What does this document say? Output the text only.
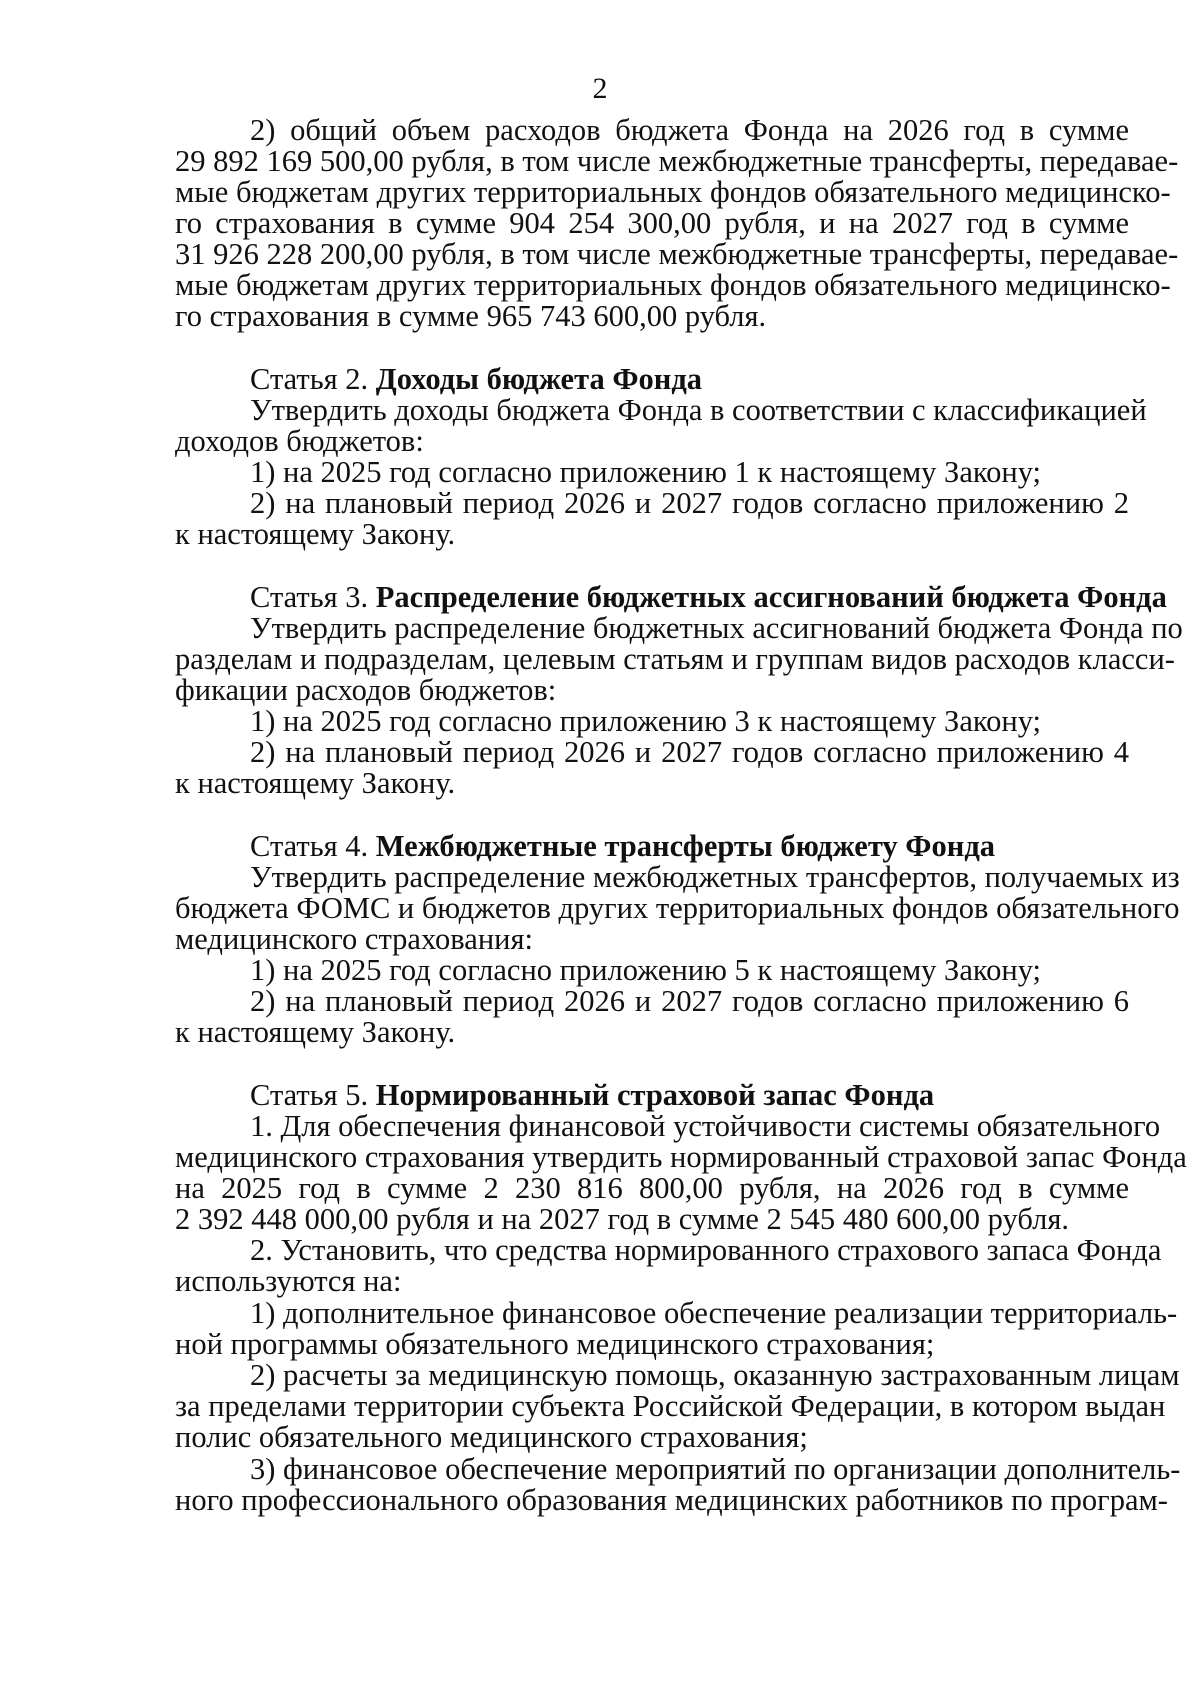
2
2) общий объем расходов бюджета Фонда на 2026 год в сумме
29 892 169 500,00 рубля, в том числе межбюджетные трансферты, передавае-
мые бюджетам других территориальных фондов обязательного медицинско-
го страхования в сумме 904 254 300,00 рубля, и на 2027 год в сумме
31 926 228 200,00 рубля, в том числе межбюджетные трансферты, передавае-
мые бюджетам других территориальных фондов обязательного медицинско-
го страхования в сумме 965 743 600,00 рубля.
Статья 2. Доходы бюджета Фонда
Утвердить доходы бюджета Фонда в соответствии с классификацией
доходов бюджетов:
1) на 2025 год согласно приложению 1 к настоящему Закону;
2) на плановый период 2026 и 2027 годов согласно приложению 2
к настоящему Закону.
Статья 3. Распределение бюджетных ассигнований бюджета Фонда
Утвердить распределение бюджетных ассигнований бюджета Фонда по
разделам и подразделам, целевым статьям и группам видов расходов класси-
фикации расходов бюджетов:
1) на 2025 год согласно приложению 3 к настоящему Закону;
2) на плановый период 2026 и 2027 годов согласно приложению 4
к настоящему Закону.
Статья 4. Межбюджетные трансферты бюджету Фонда
Утвердить распределение межбюджетных трансфертов, получаемых из
бюджета ФОМС и бюджетов других территориальных фондов обязательного
медицинского страхования:
1) на 2025 год согласно приложению 5 к настоящему Закону;
2) на плановый период 2026 и 2027 годов согласно приложению 6
к настоящему Закону.
Статья 5. Нормированный страховой запас Фонда
1. Для обеспечения финансовой устойчивости системы обязательного
медицинского страхования утвердить нормированный страховой запас Фонда
на 2025 год в сумме 2 230 816 800,00 рубля, на 2026 год в сумме
2 392 448 000,00 рубля и на 2027 год в сумме 2 545 480 600,00 рубля.
2. Установить, что средства нормированного страхового запаса Фонда
используются на:
1) дополнительное финансовое обеспечение реализации территориаль-
ной программы обязательного медицинского страхования;
2) расчеты за медицинскую помощь, оказанную застрахованным лицам
за пределами территории субъекта Российской Федерации, в котором выдан
полис обязательного медицинского страхования;
3) финансовое обеспечение мероприятий по организации дополнитель-
ного профессионального образования медицинских работников по програм-
